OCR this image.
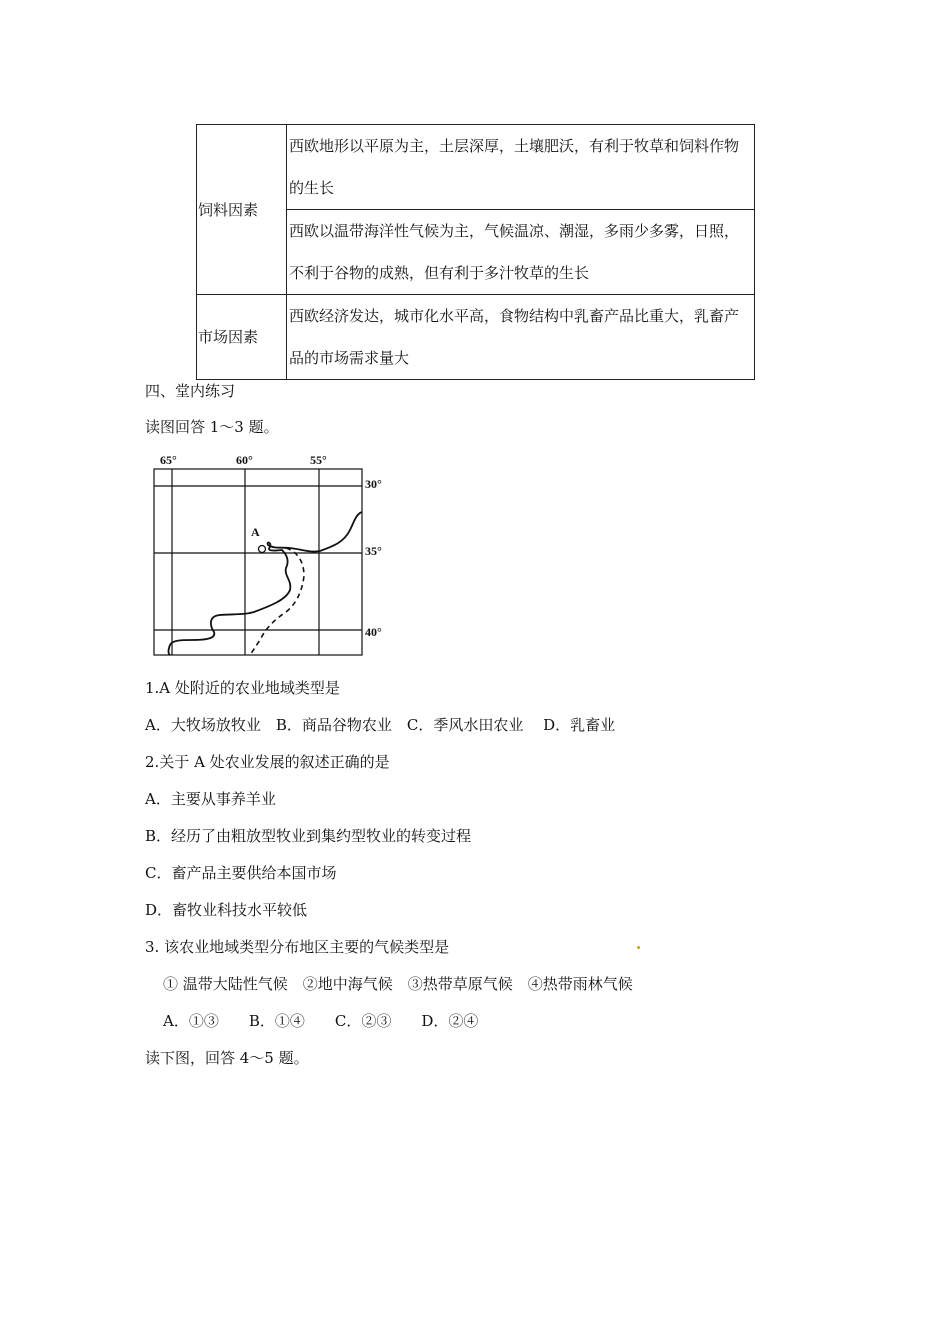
饲料因素	西欧地形以平原为主，土层深厚，土壤肥沃，有利于牧草和饲料作物的生长
	西欧以温带海洋性气候为主，气候温凉、潮湿，多雨少多雾，日照，不利于谷物的成熟，但有利于多汁牧草的生长
市场因素	西欧经济发达，城市化水平高，食物结构中乳畜产品比重大，乳畜产品的市场需求量大
四、堂内练习
读图回答 1～3 题。
65°	60°	55°
30°
35°
40°
A
1.A 处附近的农业地域类型是
A．大牧场放牧业　B．商品谷物农业　C．季风水田农业　 D．乳畜业
2.关于 A 处农业发展的叙述正确的是
A．主要从事养羊业
B．经历了由粗放型牧业到集约型牧业的转变过程
C．畜产品主要供给本国市场
D．畜牧业科技水平较低
3. 该农业地域类型分布地区主要的气候类型是
① 温带大陆性气候　②地中海气候　③热带草原气候　④热带雨林气候
A．①③　　B．①④　　C．②③　　D．②④
读下图，回答 4～5 题。
